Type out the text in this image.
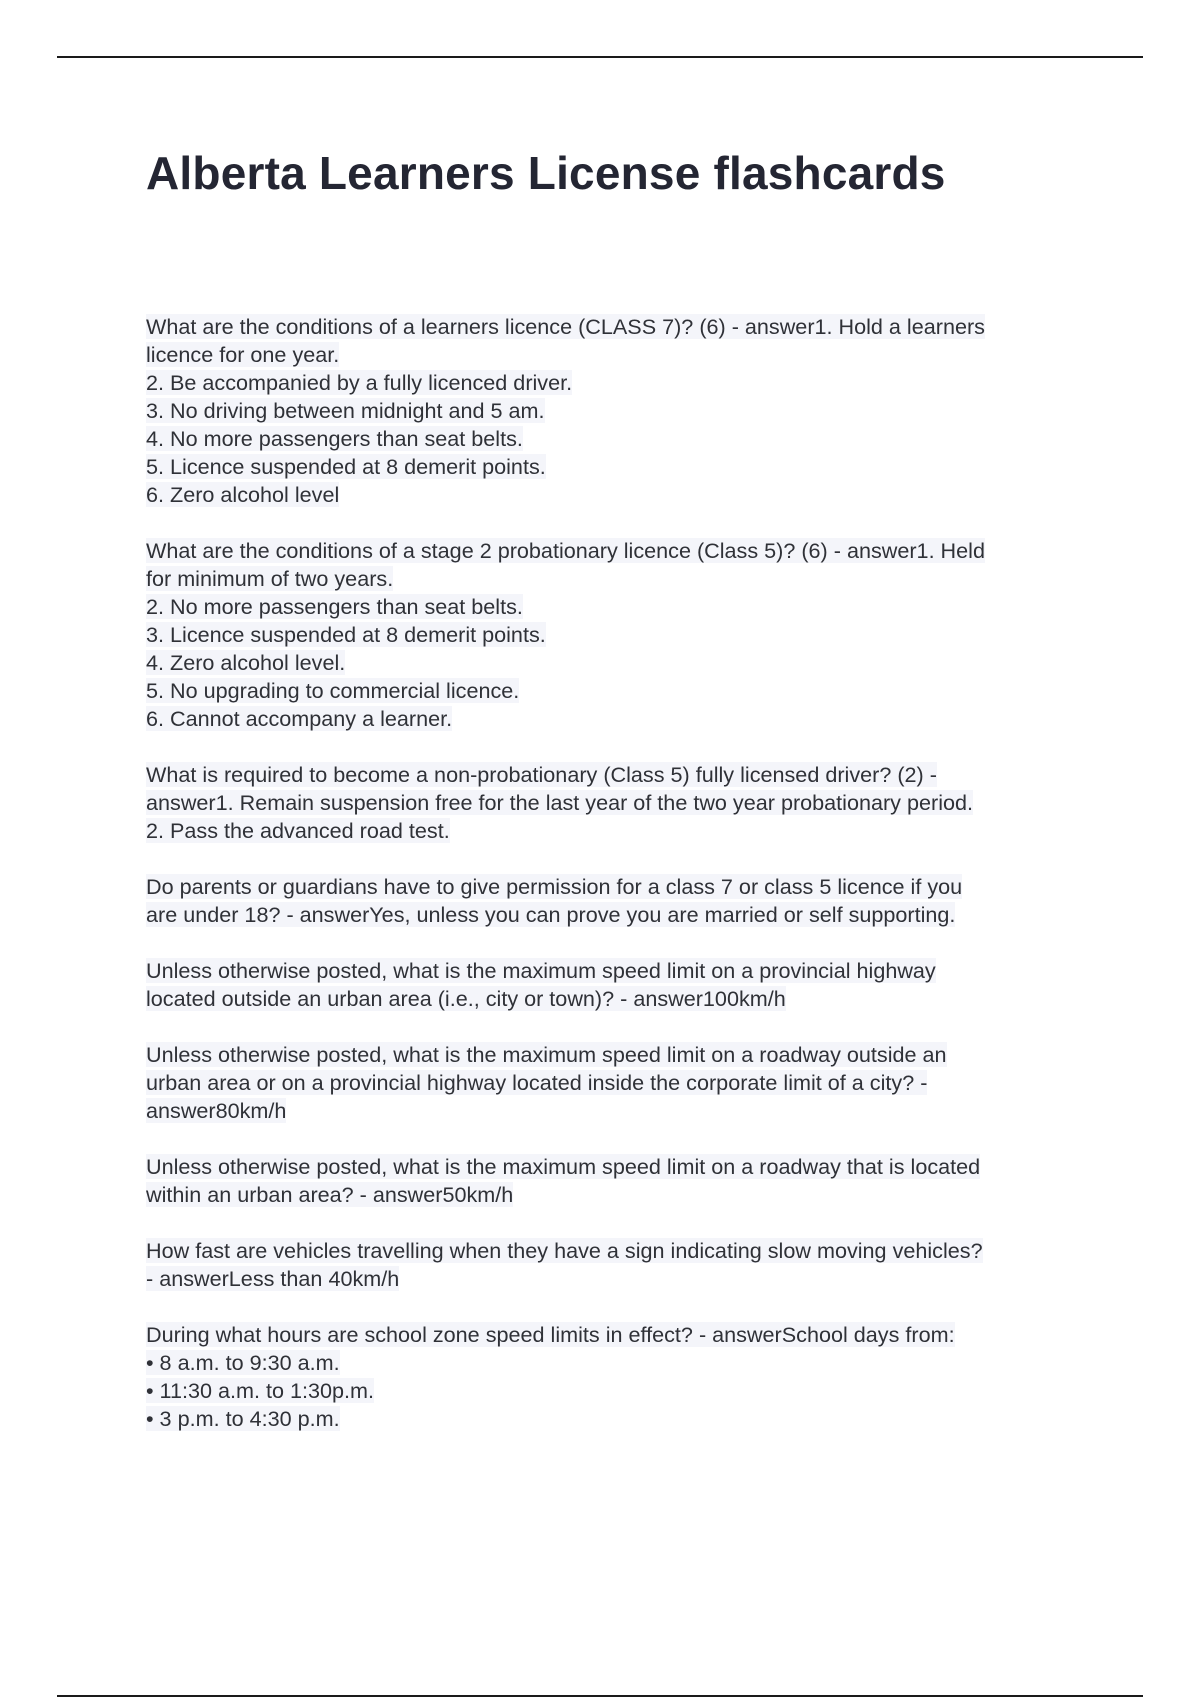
Alberta Learners License flashcards

What are the conditions of a learners licence (CLASS 7)? (6) - answer1. Hold a learners
licence for one year.
2. Be accompanied by a fully licenced driver.
3. No driving between midnight and 5 am.
4. No more passengers than seat belts.
5. Licence suspended at 8 demerit points.
6. Zero alcohol level

What are the conditions of a stage 2 probationary licence (Class 5)? (6) - answer1. Held
for minimum of two years.
2. No more passengers than seat belts.
3. Licence suspended at 8 demerit points.
4. Zero alcohol level.
5. No upgrading to commercial licence.
6. Cannot accompany a learner.

What is required to become a non-probationary (Class 5) fully licensed driver? (2) -
answer1. Remain suspension free for the last year of the two year probationary period.
2. Pass the advanced road test.

Do parents or guardians have to give permission for a class 7 or class 5 licence if you
are under 18? - answerYes, unless you can prove you are married or self supporting.

Unless otherwise posted, what is the maximum speed limit on a provincial highway
located outside an urban area (i.e., city or town)? - answer100km/h

Unless otherwise posted, what is the maximum speed limit on a roadway outside an
urban area or on a provincial highway located inside the corporate limit of a city? -
answer80km/h

Unless otherwise posted, what is the maximum speed limit on a roadway that is located
within an urban area? - answer50km/h

How fast are vehicles travelling when they have a sign indicating slow moving vehicles?
- answerLess than 40km/h

During what hours are school zone speed limits in effect? - answerSchool days from:
• 8 a.m. to 9:30 a.m.
• 11:30 a.m. to 1:30p.m.
• 3 p.m. to 4:30 p.m.
